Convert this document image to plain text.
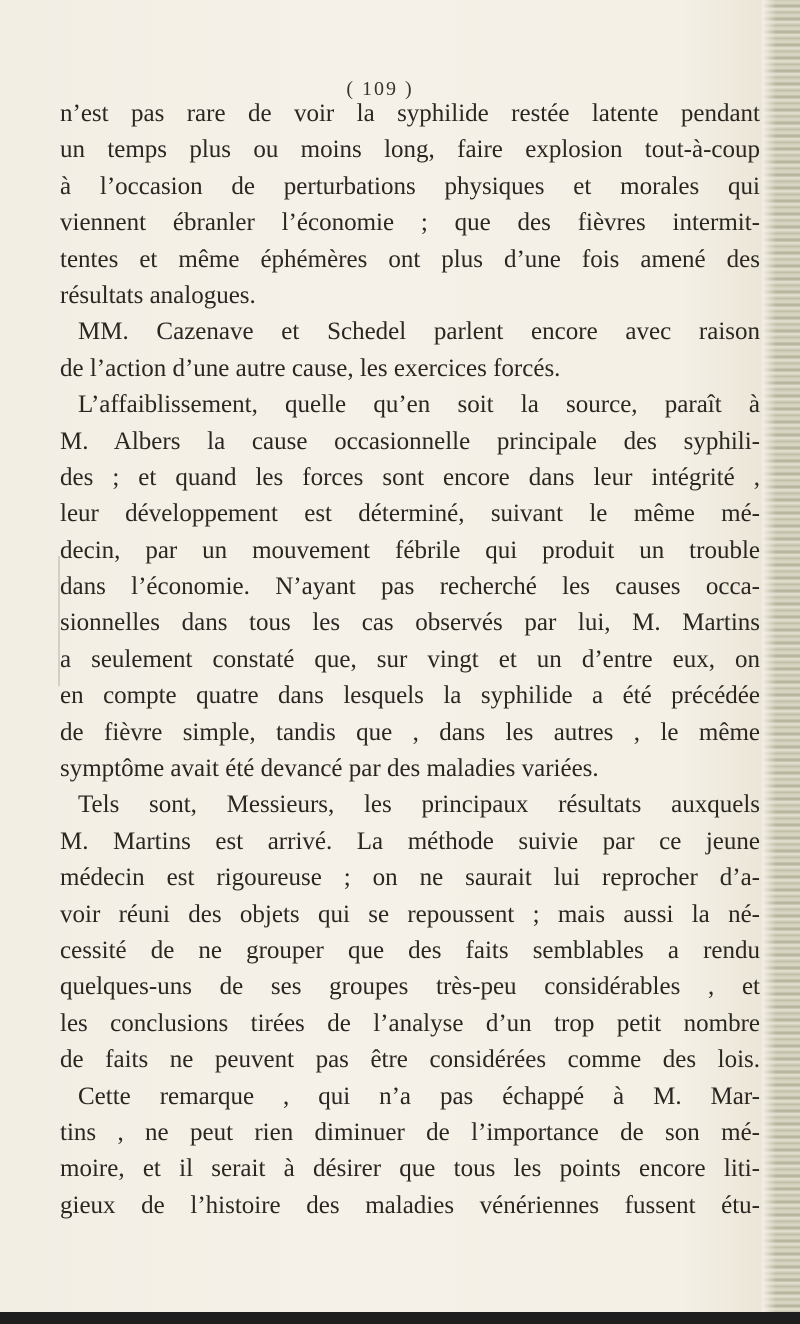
( 109 )
n’est pas rare de voir la syphilide restée latente pendant
un temps plus ou moins long, faire explosion tout-à-coup
à l’occasion de perturbations physiques et morales qui
viennent ébranler l’économie ; que des fièvres intermit-
tentes et même éphémères ont plus d’une fois amené des
résultats analogues.
MM. Cazenave et Schedel parlent encore avec raison
de l’action d’une autre cause, les exercices forcés.
L’affaiblissement, quelle qu’en soit la source, paraît à
M. Albers la cause occasionnelle principale des syphili-
des ; et quand les forces sont encore dans leur intégrité ,
leur développement est déterminé, suivant le même mé-
decin, par un mouvement fébrile qui produit un trouble
dans l’économie. N’ayant pas recherché les causes occa-
sionnelles dans tous les cas observés par lui, M. Martins
a seulement constaté que, sur vingt et un d’entre eux, on
en compte quatre dans lesquels la syphilide a été précédée
de fièvre simple, tandis que , dans les autres , le même
symptôme avait été devancé par des maladies variées.
Tels sont, Messieurs, les principaux résultats auxquels
M. Martins est arrivé. La méthode suivie par ce jeune
médecin est rigoureuse ; on ne saurait lui reprocher d’a-
voir réuni des objets qui se repoussent ; mais aussi la né-
cessité de ne grouper que des faits semblables a rendu
quelques-uns de ses groupes très-peu considérables , et
les conclusions tirées de l’analyse d’un trop petit nombre
de faits ne peuvent pas être considérées comme des lois.
Cette remarque , qui n’a pas échappé à M. Mar-
tins , ne peut rien diminuer de l’importance de son mé-
moire, et il serait à désirer que tous les points encore liti-
gieux de l’histoire des maladies vénériennes fussent étu-
